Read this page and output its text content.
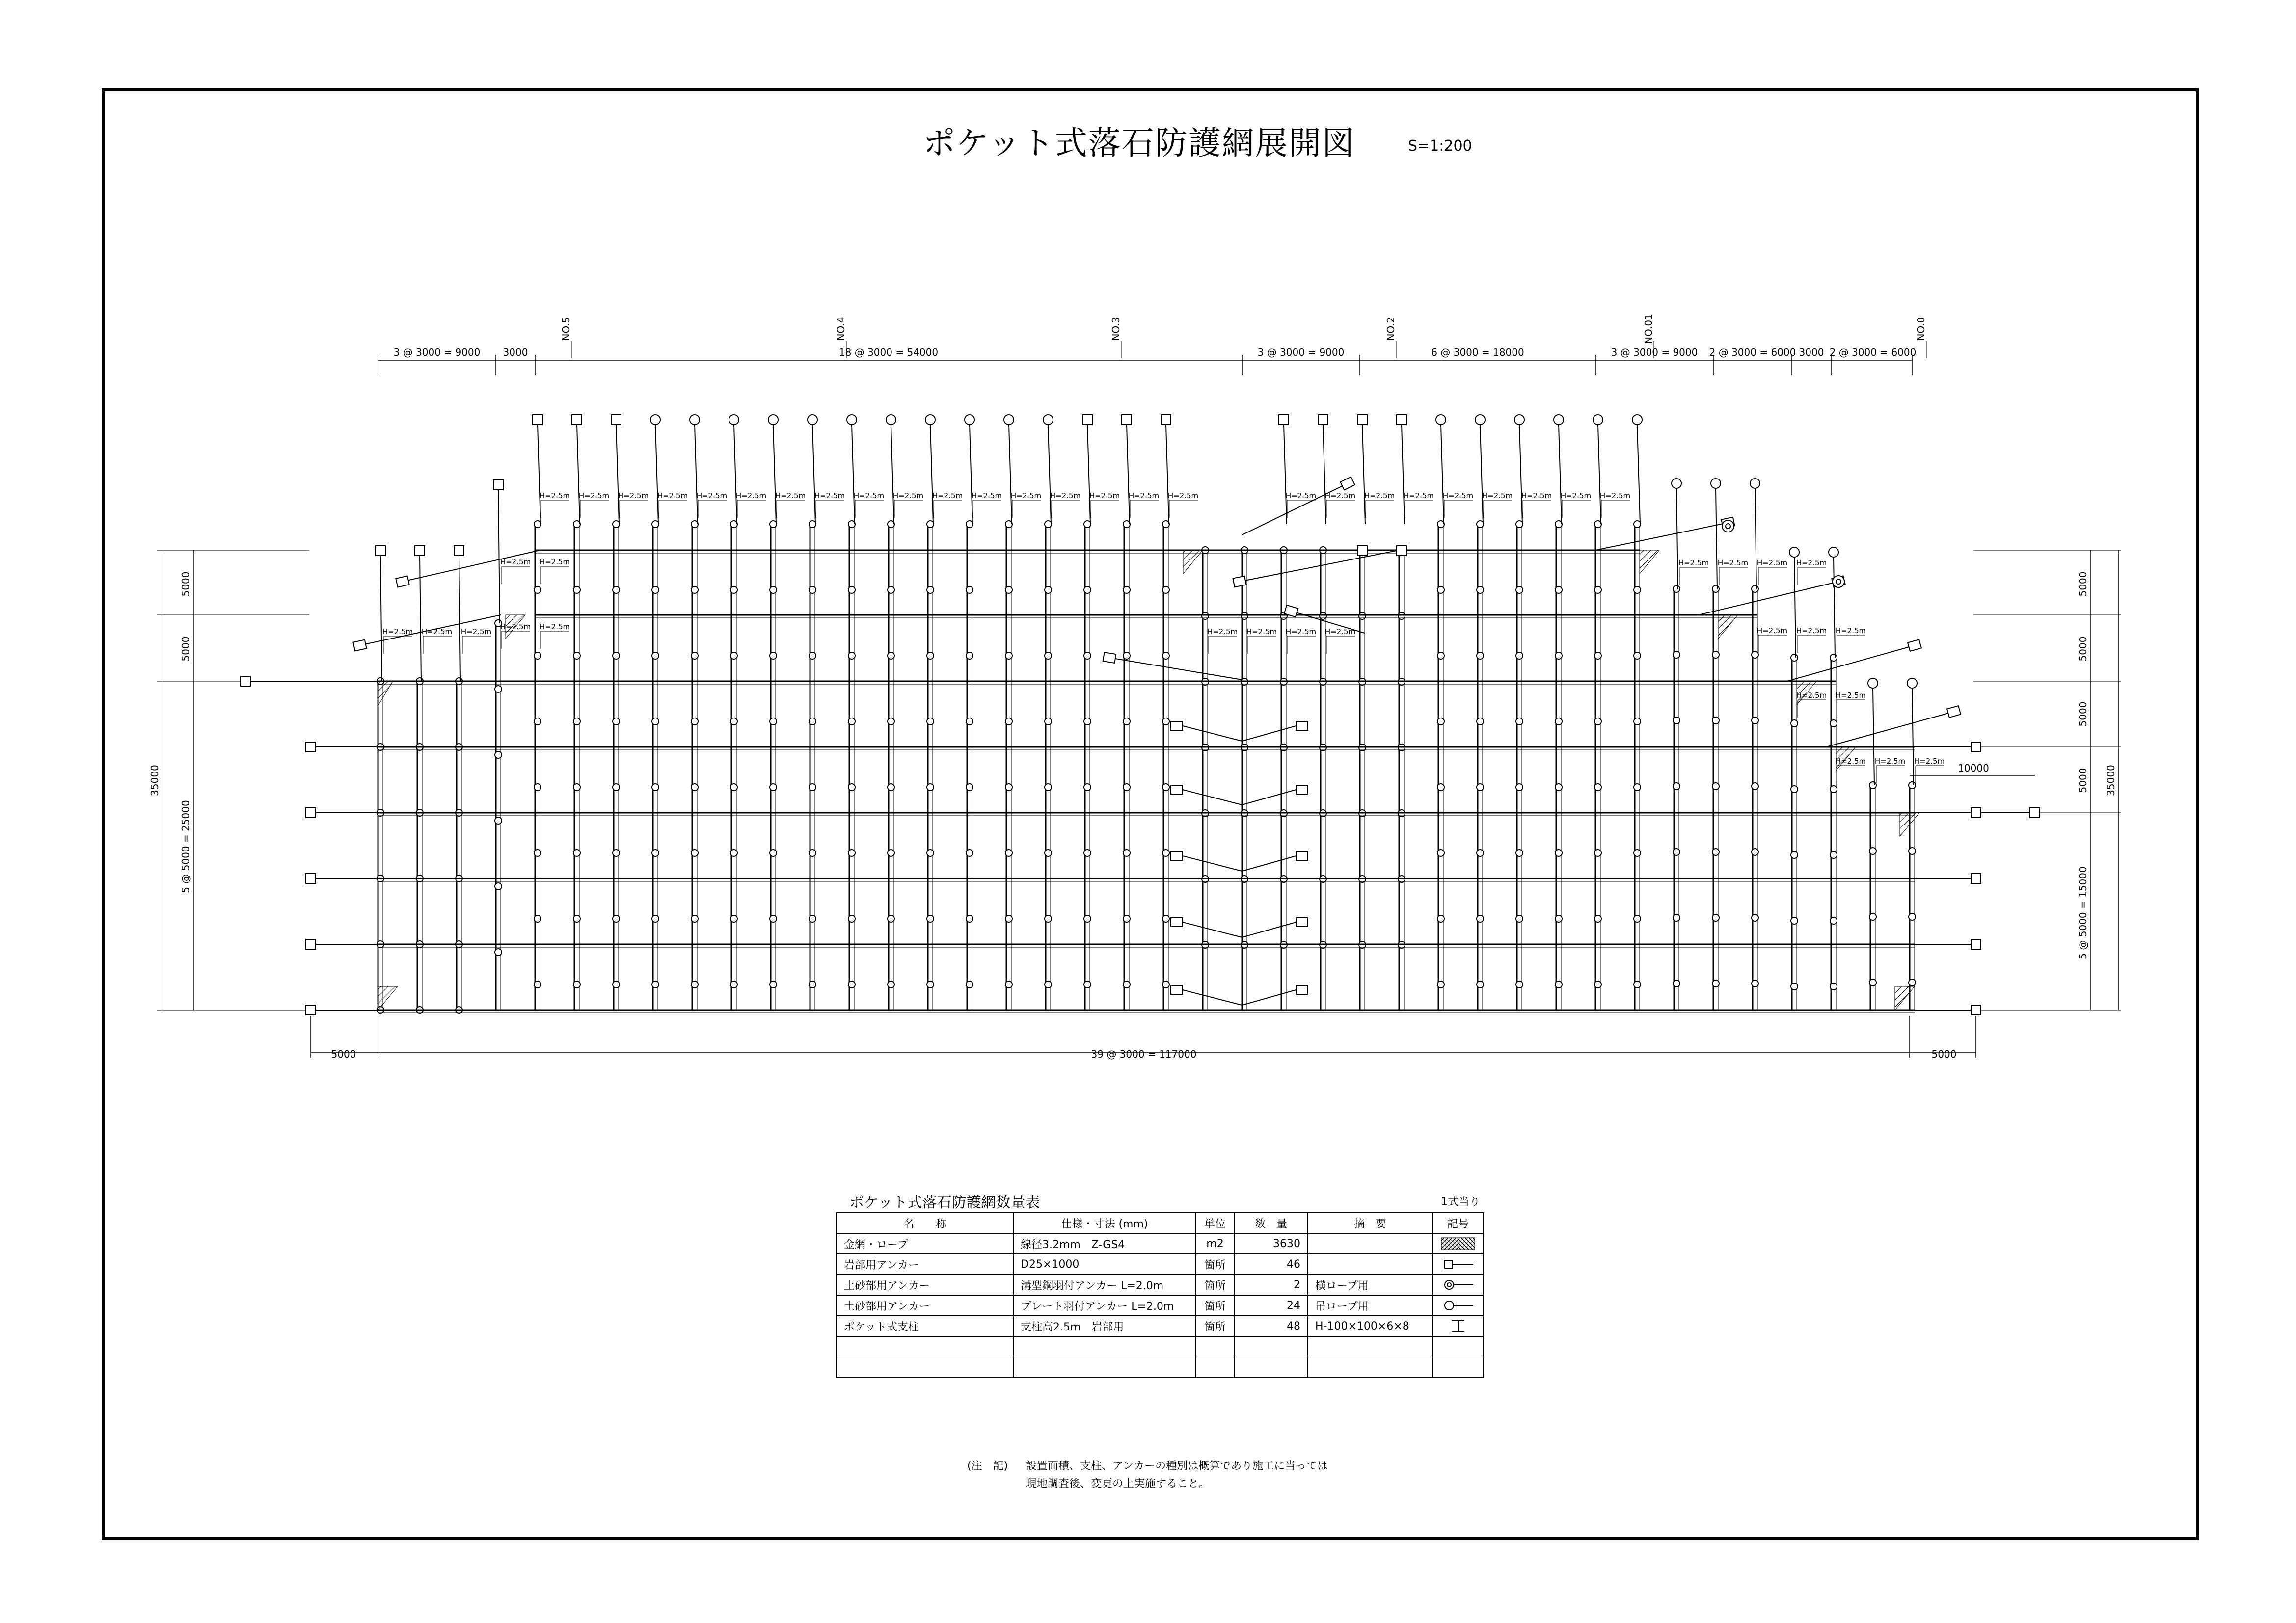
ポケット式落石防護網展開図	S=1:200
H=2.5m H=2.5m H=2.5m H=2.5m H=2.5m H=2.5m H=2.5m H=2.5m H=2.5m H=2.5m H=2.5m H=2.5m H=2.5m H=2.5m H=2.5m H=2.5m H=2.5m	H=2.5m H=2.5m H=2.5m H=2.5m H=2.5m H=2.5m H=2.5m H=2.5m H=2.5m
H=2.5m H=2.5m H=2.5m
H=2.5m H=2.5m
H=2.5m H=2.5m
H=2.5m H=2.5m H=2.5m H=2.5m
H=2.5m H=2.5m H=2.5m H=2.5m
H=2.5m H=2.5m H=2.5m
H=2.5m H=2.5m
H=2.5m H=2.5m H=2.5m
3 @ 3000 = 9000 3000	18 @ 3000 = 54000	3 @ 3000 = 9000	6 @ 3000 = 18000	3 @ 3000 = 9000 2 @ 3000 = 6000 3000 2 @ 3000 = 6000
NO.5	NO.4	NO.3	NO.2	NO.01	NO.0
5000	39 @ 3000 = 117000	5000
5000
5000
5 @ 5000 = 25000
35000
5000
5000
5000
5000
5 @ 5000 = 15000
35000
10000
ポケット式落石防護網数量表	1式当り
名　　称	仕様・寸法 (mm)	単位	数　量	摘　要	記号
金網・ロープ	線径3.2mm　Z-GS4	m2	3630		

岩部用アンカー	D25×1000	箇所	46		

土砂部用アンカー	溝型鋼羽付アンカー L=2.0m	箇所	2	横ロープ用	

土砂部用アンカー	プレート羽付アンカー L=2.0m	箇所	24	吊ロープ用	

ポケット式支柱	支柱高2.5m　岩部用	箇所	48	H-100×100×6×8	

(注　記) 設置面積、支柱、アンカーの種別は概算であり施工に当っては
現地調査後、変更の上実施すること。
